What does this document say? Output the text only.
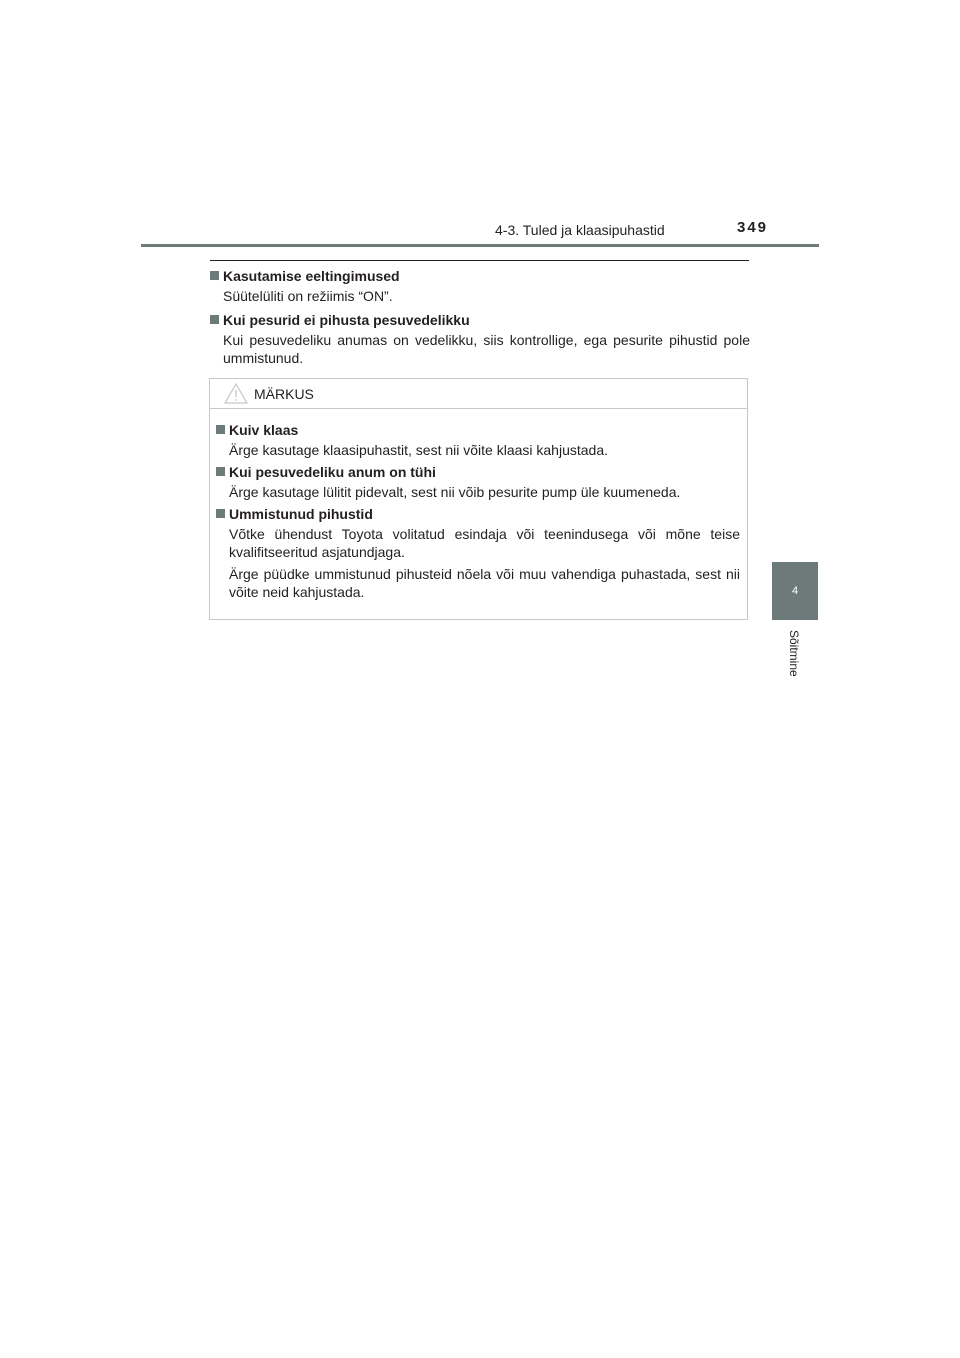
4-3. Tuled ja klaasipuhastid	349
4
Sõitmine
Kasutamise eeltingimused
Süütelüliti on režiimis “ON”.
Kui pesurid ei pihusta pesuvedelikku
Kui pesuvedeliku anumas on vedelikku, siis kontrollige, ega pesurite pihustid pole ummistunud.
MÄRKUS
Kuiv klaas
Ärge kasutage klaasipuhastit, sest nii võite klaasi kahjustada.
Kui pesuvedeliku anum on tühi
Ärge kasutage lülitit pidevalt, sest nii võib pesurite pump üle kuumeneda.
Ummistunud pihustid
Võtke ühendust Toyota volitatud esindaja või teenindusega või mõne teise kvalifitseeritud asjatundjaga.
Ärge püüdke ummistunud pihusteid nõela või muu vahendiga puhastada, sest nii võite neid kahjustada.
